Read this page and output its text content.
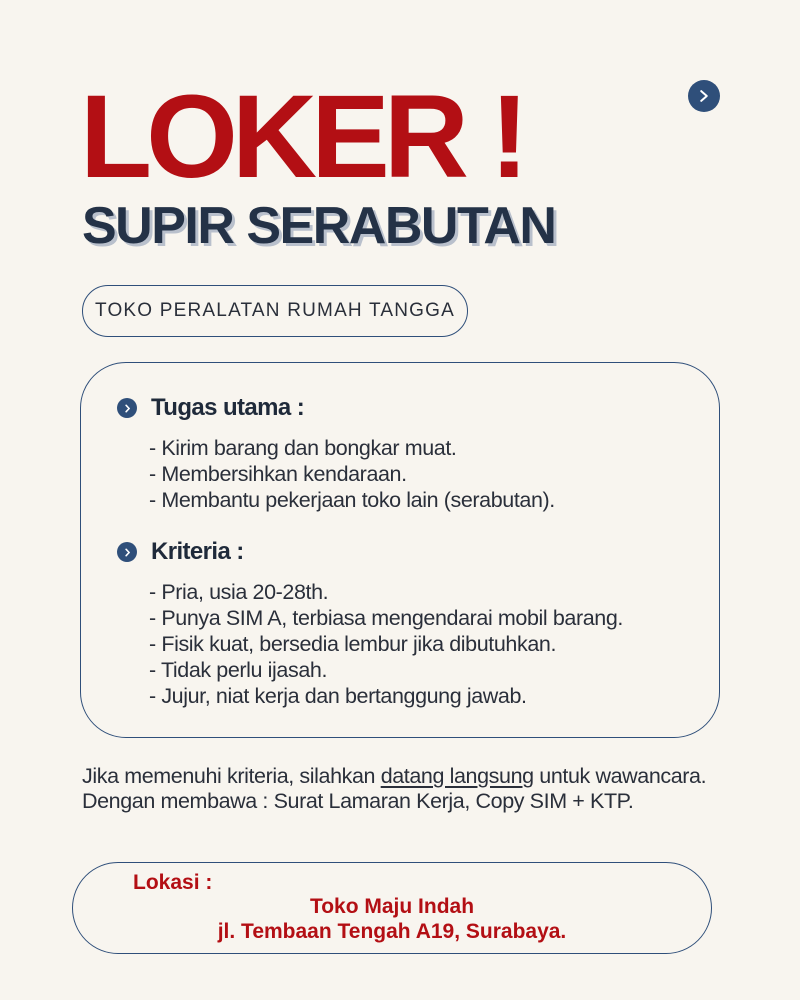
LOKER !
SUPIR SERABUTAN
TOKO PERALATAN RUMAH TANGGA
Tugas utama :
- Kirim barang dan bongkar muat.
- Membersihkan kendaraan.
- Membantu pekerjaan toko lain (serabutan).
Kriteria :
- Pria, usia 20-28th.
- Punya SIM A, terbiasa mengendarai mobil barang.
- Fisik kuat, bersedia lembur jika dibutuhkan.
- Tidak perlu ijasah.
- Jujur, niat kerja dan bertanggung jawab.

Jika memenuhi kriteria, silahkan datang langsung untuk wawancara.

Dengan membawa : Surat Lamaran Kerja, Copy SIM + KTP.

Lokasi :
Toko Maju Indah
jl. Tembaan Tengah A19, Surabaya.
